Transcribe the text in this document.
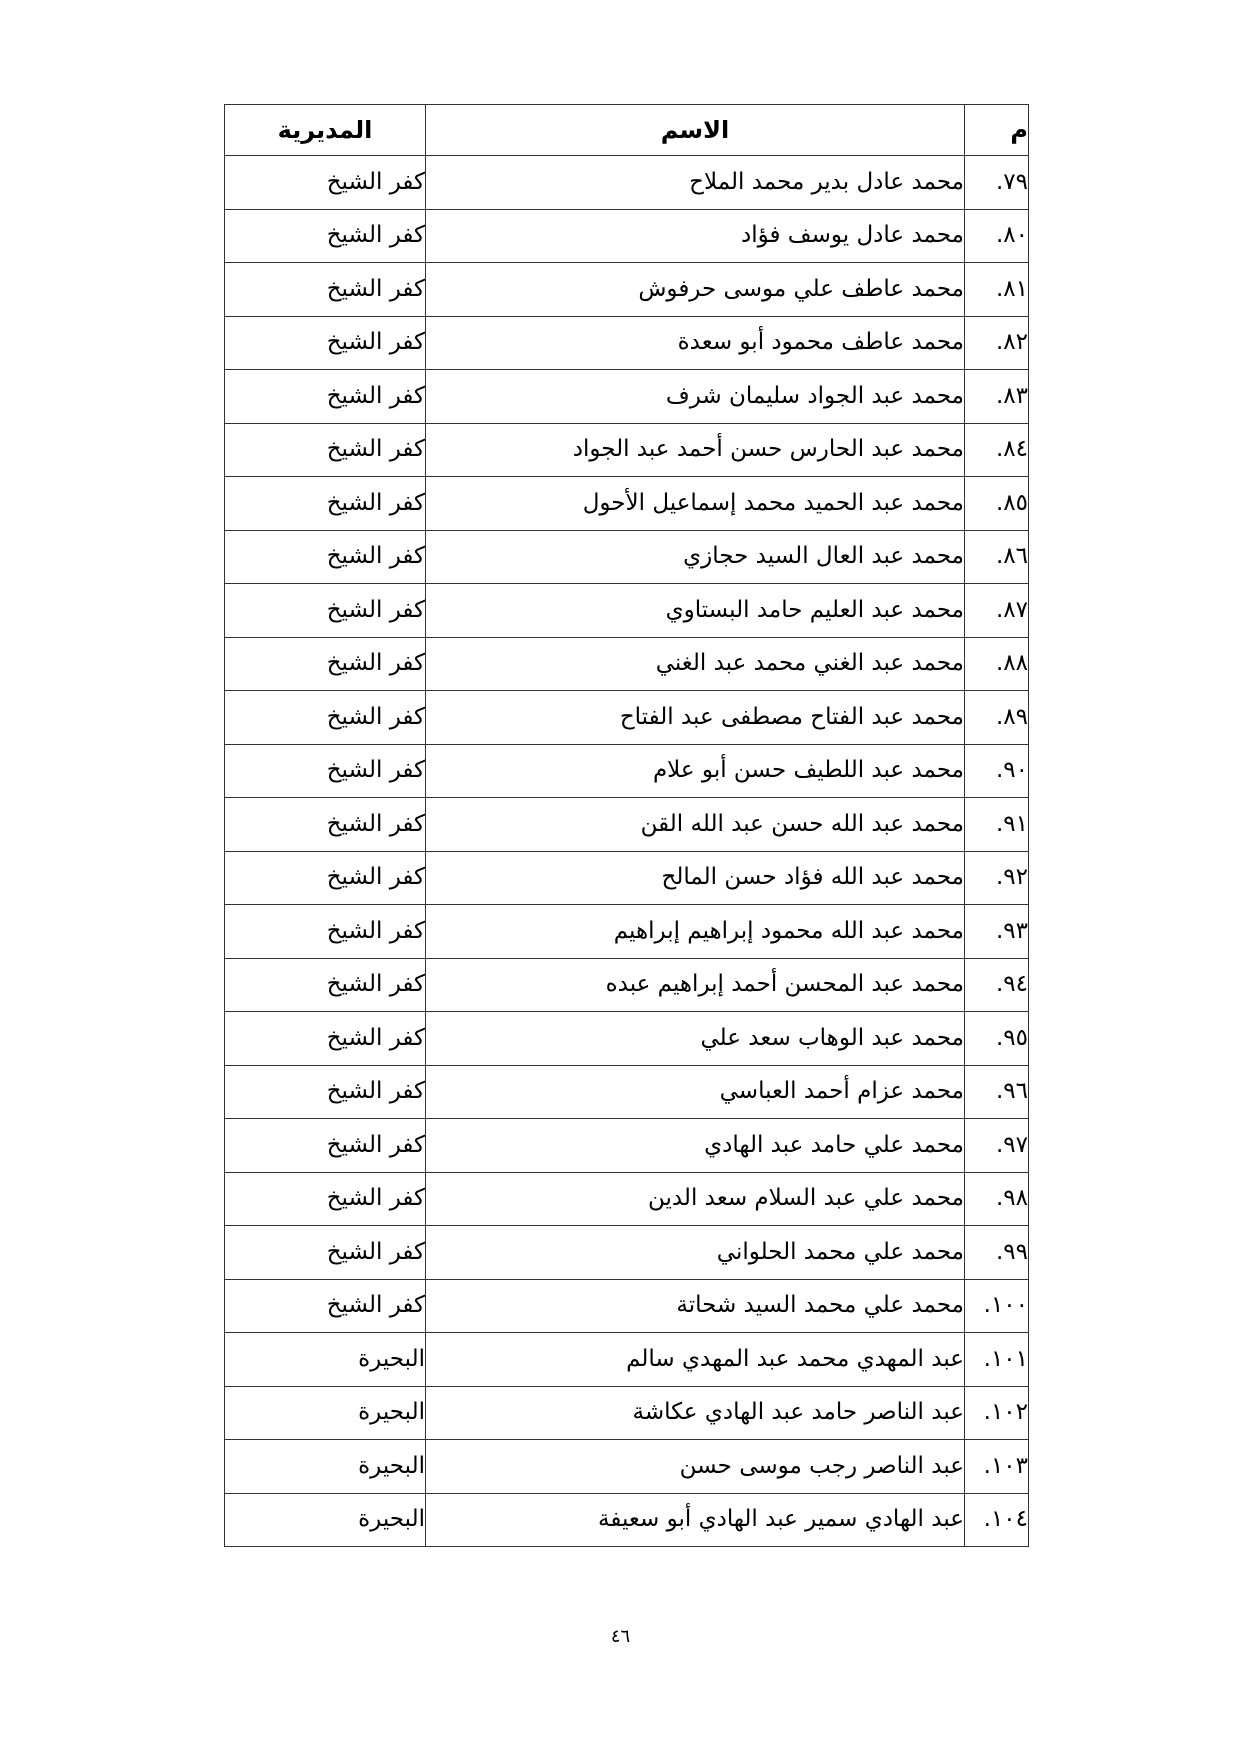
م	الاسم	المديرية
٧٩.	محمد عادل بدير محمد الملاح	كفر الشيخ
٨٠.	محمد عادل يوسف فؤاد	كفر الشيخ
٨١.	محمد عاطف علي موسى حرفوش	كفر الشيخ
٨٢.	محمد عاطف محمود أبو سعدة	كفر الشيخ
٨٣.	محمد عبد الجواد سليمان شرف	كفر الشيخ
٨٤.	محمد عبد الحارس حسن أحمد عبد الجواد	كفر الشيخ
٨٥.	محمد عبد الحميد محمد إسماعيل الأحول	كفر الشيخ
٨٦.	محمد عبد العال السيد حجازي	كفر الشيخ
٨٧.	محمد عبد العليم حامد البستاوي	كفر الشيخ
٨٨.	محمد عبد الغني محمد عبد الغني	كفر الشيخ
٨٩.	محمد عبد الفتاح مصطفى عبد الفتاح	كفر الشيخ
٩٠.	محمد عبد اللطيف حسن أبو علام	كفر الشيخ
٩١.	محمد عبد الله حسن عبد الله القن	كفر الشيخ
٩٢.	محمد عبد الله فؤاد حسن المالح	كفر الشيخ
٩٣.	محمد عبد الله محمود إبراهيم إبراهيم	كفر الشيخ
٩٤.	محمد عبد المحسن أحمد إبراهيم عبده	كفر الشيخ
٩٥.	محمد عبد الوهاب سعد علي	كفر الشيخ
٩٦.	محمد عزام أحمد العباسي	كفر الشيخ
٩٧.	محمد علي حامد عبد الهادي	كفر الشيخ
٩٨.	محمد علي عبد السلام سعد الدين	كفر الشيخ
٩٩.	محمد علي محمد الحلواني	كفر الشيخ
١٠٠.	محمد علي محمد السيد شحاتة	كفر الشيخ
١٠١.	عبد المهدي محمد عبد المهدي سالم	البحيرة
١٠٢.	عبد الناصر حامد عبد الهادي عكاشة	البحيرة
١٠٣.	عبد الناصر رجب موسى حسن	البحيرة
١٠٤.	عبد الهادي سمير عبد الهادي أبو سعيفة	البحيرة
٤٦
